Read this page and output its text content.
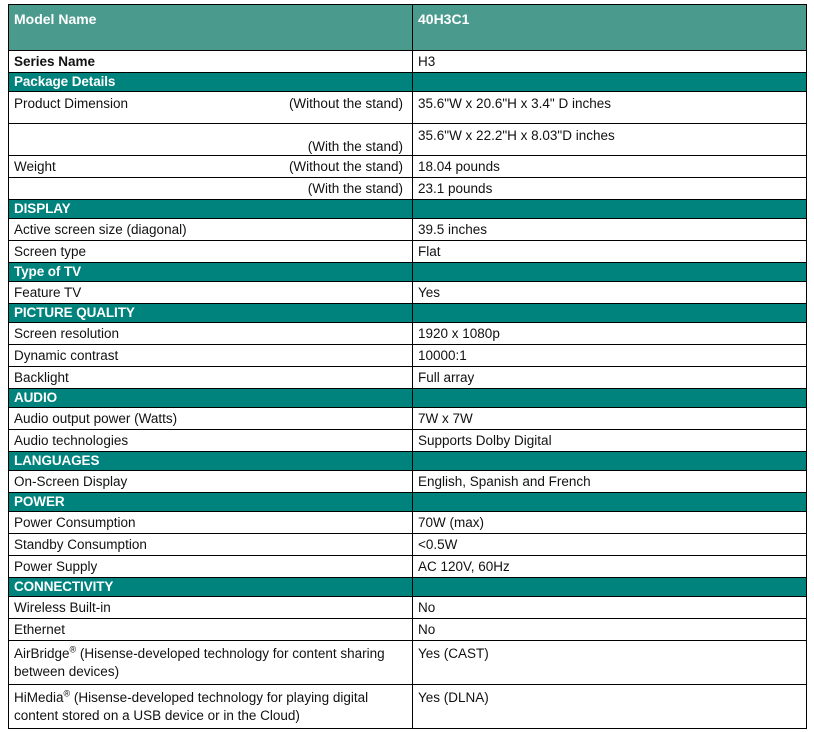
Model Name	40H3C1
Series Name	H3
Package Details	

Product Dimension (Without the stand)	35.6"W x 20.6"H x 3.4" D inches

(With the stand)	35.6"W x 22.2"H x 8.03"D inches

Weight (Without the stand)	18.04 pounds

(With the stand)	23.1 pounds
DISPLAY	
Active screen size (diagonal)	39.5 inches
Screen type	Flat
Type of TV	
Feature TV	Yes
PICTURE QUALITY	
Screen resolution	1920 x 1080p
Dynamic contrast	10000:1
Backlight	Full array
AUDIO	
Audio output power (Watts)	7W x 7W
Audio technologies	Supports Dolby Digital
LANGUAGES	
On-Screen Display	English, Spanish and French
POWER	
Power Consumption	70W (max)
Standby Consumption	<0.5W
Power Supply	AC 120V, 60Hz
CONNECTIVITY	
Wireless Built-in	No
Ethernet	No
AirBridge® (Hisense-developed technology for content sharing between devices)	Yes (CAST)
HiMedia® (Hisense-developed technology for playing digital content stored on a USB device or in the Cloud)	Yes (DLNA)
